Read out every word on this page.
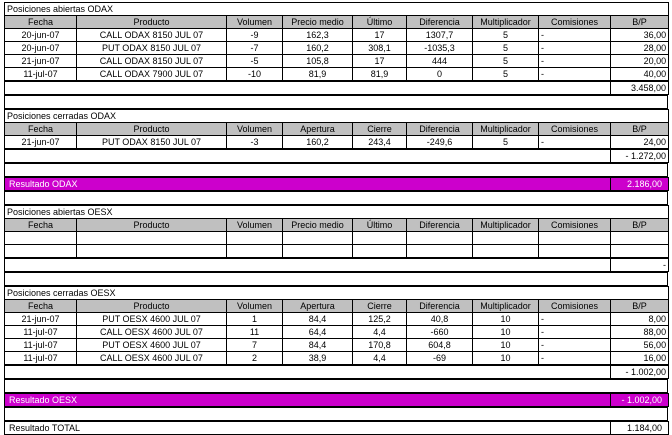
Posiciones abiertas ODAX									
Fecha	Producto	Volumen	Precio medio	Último	Diferencia	Multiplicador	Comisiones	B/P	
20-jun-07	CALL ODAX 8150 JUL 07	-9	162,3	17	1307,7	5	-	36,00	
20-jun-07	PUT ODAX 8150 JUL 07	-7	160,2	308,1	-1035,3	5	-	28,00	
21-jun-07	CALL ODAX 8150 JUL 07	-5	105,8	17	444	5	-	20,00	
11-jul-07	CALL ODAX 7900 JUL 07	-10	81,9	81,9	0	5	-	40,00	
	3.458,00
Posiciones cerradas ODAX									
Fecha	Producto	Volumen	Apertura	Cierre	Diferencia	Multiplicador	Comisiones	B/P	
21-jun-07	PUT ODAX 8150 JUL 07	-3	160,2	243,4	-249,6	5	-	24,00	
	- 1.272,00
Resultado ODAX	2.186,00
Posiciones abiertas OESX								
Fecha	Producto	Volumen	Precio medio	Último	Diferencia	Multiplicador	Comisiones	B/P

	-
Posiciones cerradas OESX									
Fecha	Producto	Volumen	Apertura	Cierre	Diferencia	Multiplicador	Comisiones	B/P	
21-jun-07	PUT OESX 4600 JUL 07	1	84,4	125,2	40,8	10	-	8,00	
11-jul-07	CALL OESX 4600 JUL 07	11	64,4	4,4	-660	10	-	88,00	
11-jul-07	PUT OESX 4600 JUL 07	7	84,4	170,8	604,8	10	-	56,00	
11-jul-07	CALL OESX 4600 JUL 07	2	38,9	4,4	-69	10	-	16,00	
	- 1.002,00
Resultado OESX	- 1.002,00
Resultado TOTAL	1.184,00
